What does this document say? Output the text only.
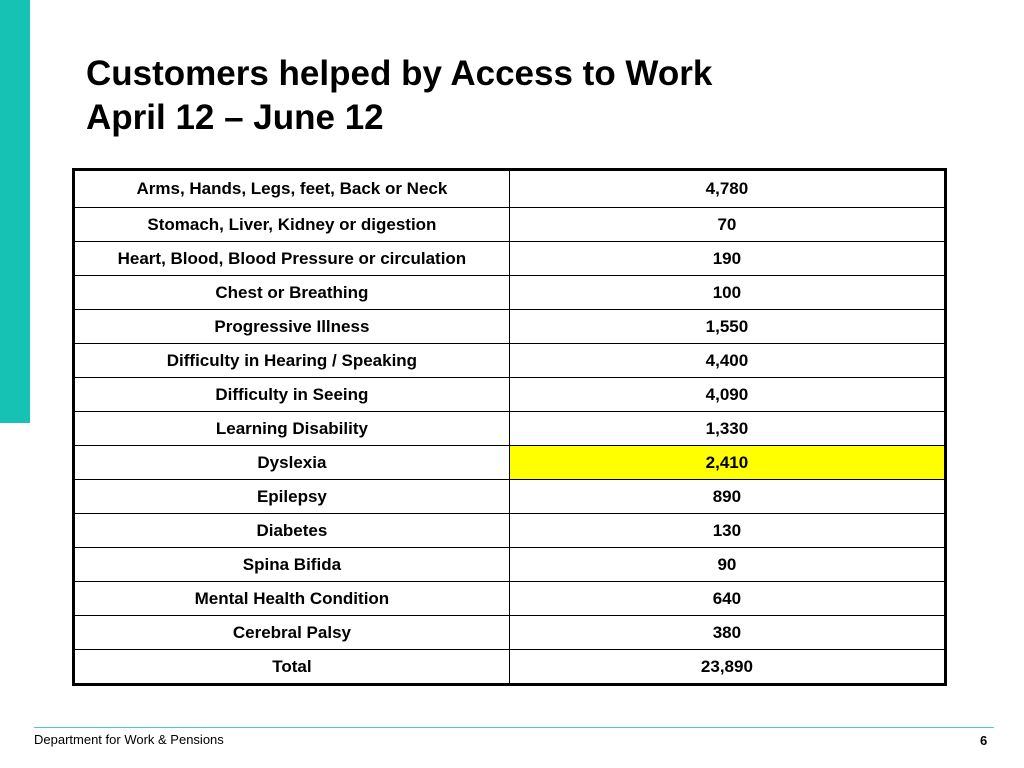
Customers helped by Access to Work
April 12 – June 12
Arms, Hands, Legs, feet, Back or Neck	4,780
Stomach, Liver, Kidney or digestion	70
Heart, Blood, Blood Pressure or circulation	190
Chest or Breathing	100
Progressive Illness	1,550
Difficulty in Hearing / Speaking	4,400
Difficulty in Seeing	4,090
Learning Disability	1,330
Dyslexia	2,410
Epilepsy	890
Diabetes	130
Spina Bifida	90
Mental Health Condition	640
Cerebral Palsy	380
Total	23,890
Department for Work & Pensions	6
